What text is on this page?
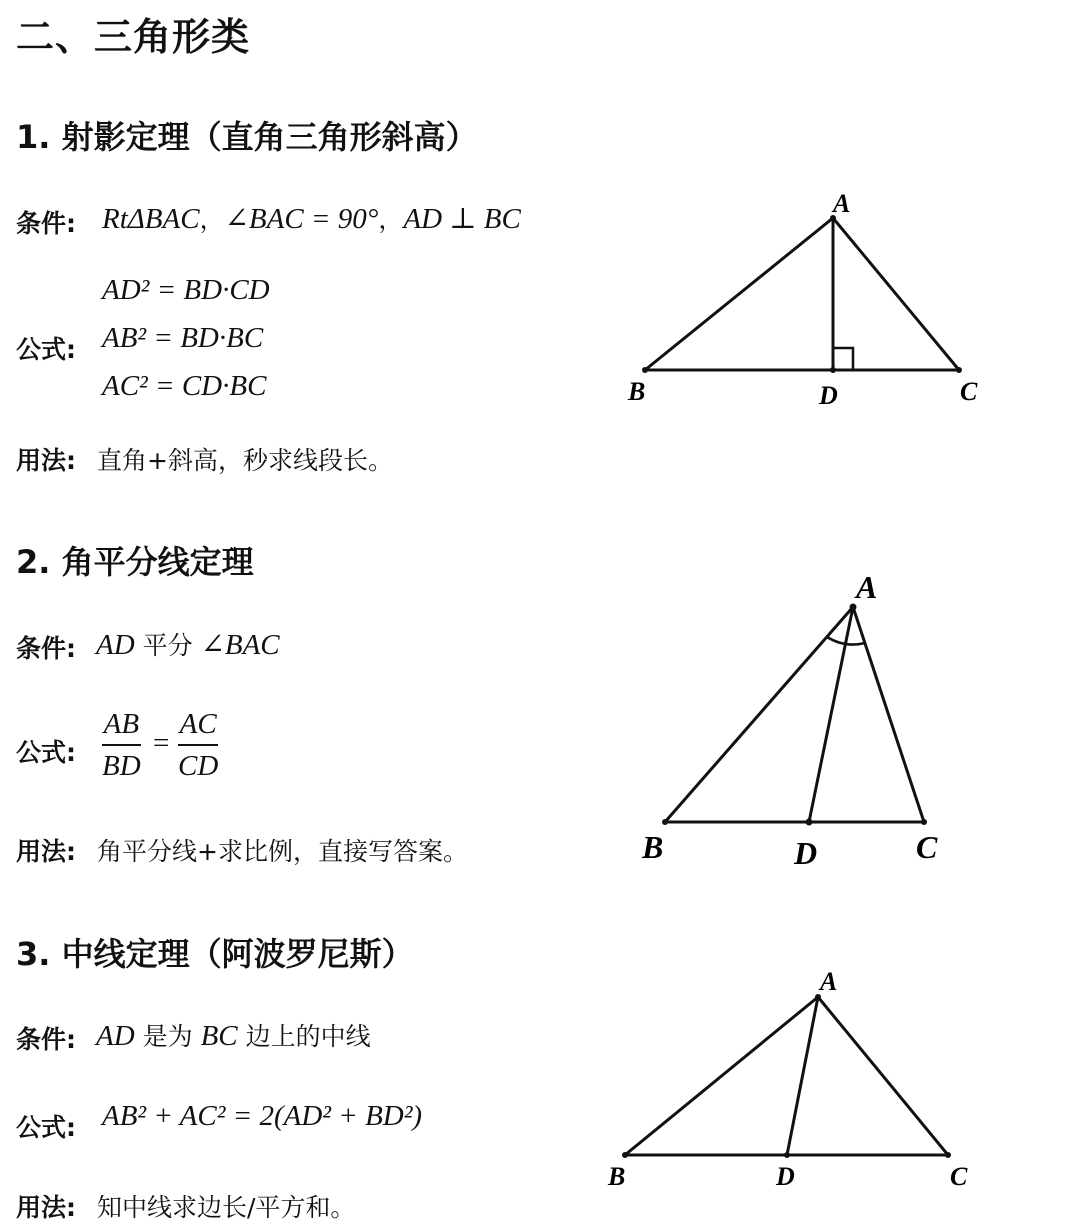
二、三角形类
1. 射影定理（直角三角形斜高）
条件: RtΔBAC，∠BAC = 90°，AD ⊥ BC
AD² = BD·CD
公式: AB² = BD·BC
AC² = CD·BC
用法: 直角+斜高，秒求线段长。
A
B	C
D
2. 角平分线定理
条件: AD 平分 ∠BAC
公式:
AB
BD
=
AC
CD
用法: 角平分线+求比例，直接写答案。
A
B	C
D
3. 中线定理（阿波罗尼斯）
条件: AD 是为 BC 边上的中线
公式: AB² + AC² = 2(AD² + BD²)
用法: 知中线求边长/平方和。
A
B	C
D
